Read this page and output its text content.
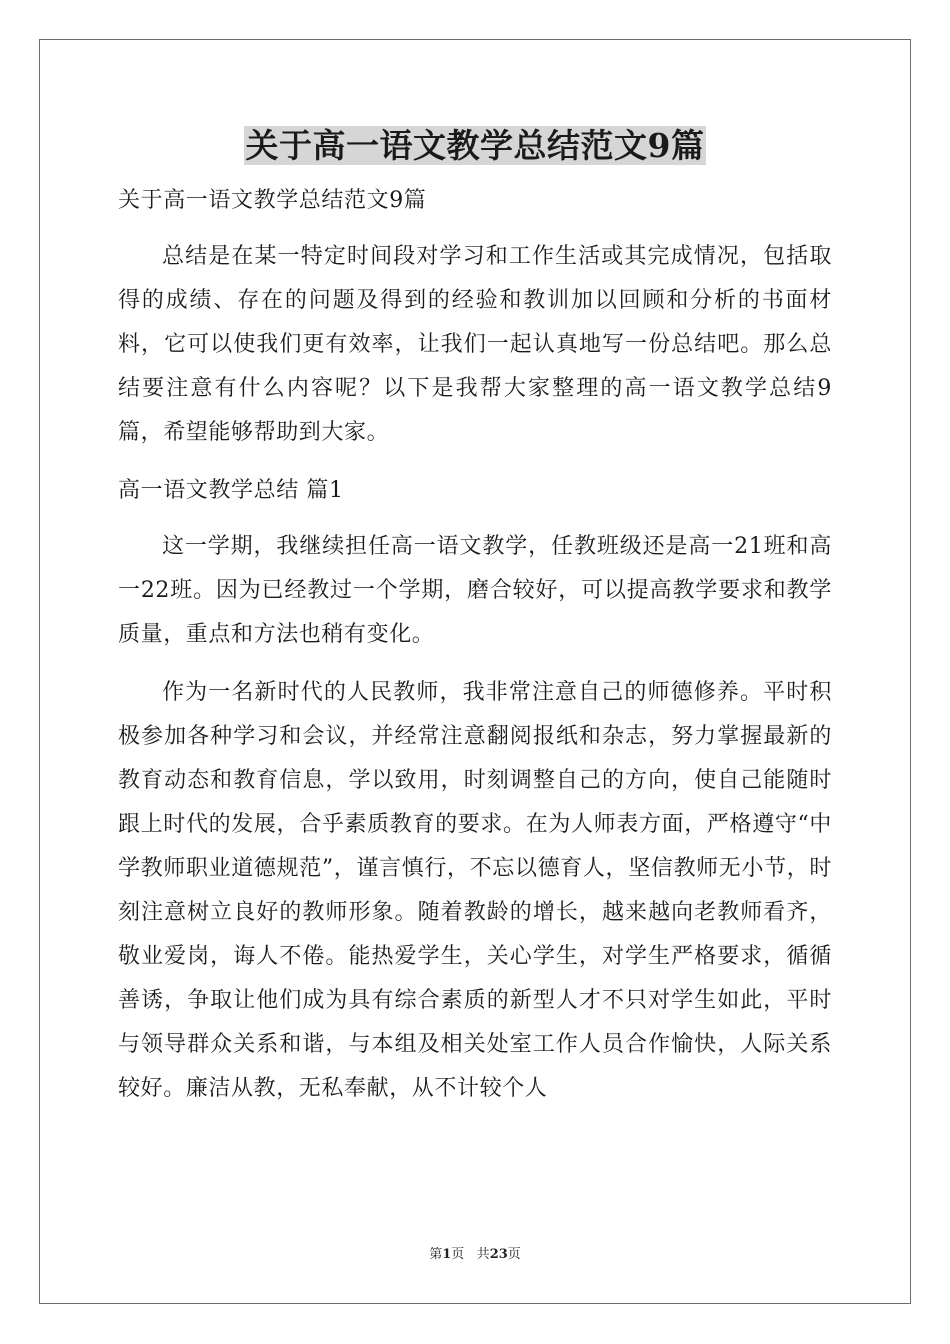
关于高一语文教学总结范文9篇

关于高一语文教学总结范文9篇

总结是在某一特定时间段对学习和工作生活或其完成情况，包括取得的成绩、存在的问题及得到的经验和教训加以回顾和分析的书面材料，它可以使我们更有效率，让我们一起认真地写一份总结吧。那么总结要注意有什么内容呢？以下是我帮大家整理的高一语文教学总结9篇，希望能够帮助到大家。

高一语文教学总结 篇1

这一学期，我继续担任高一语文教学，任教班级还是高一21班和高一22班。因为已经教过一个学期，磨合较好，可以提高教学要求和教学质量，重点和方法也稍有变化。

作为一名新时代的人民教师，我非常注意自己的师德修养。平时积极参加各种学习和会议，并经常注意翻阅报纸和杂志，努力掌握最新的教育动态和教育信息，学以致用，时刻调整自己的方向，使自己能随时跟上时代的发展，合乎素质教育的要求。在为人师表方面，严格遵守“中学教师职业道德规范”，谨言慎行，不忘以德育人，坚信教师无小节，时刻注意树立良好的教师形象。随着教龄的增长，越来越向老教师看齐，敬业爱岗，诲人不倦。能热爱学生，关心学生，对学生严格要求，循循善诱，争取让他们成为具有综合素质的新型人才不只对学生如此，平时与领导群众关系和谐，与本组及相关处室工作人员合作愉快，人际关系较好。廉洁从教，无私奉献，从不计较个人

第1页 共23页
